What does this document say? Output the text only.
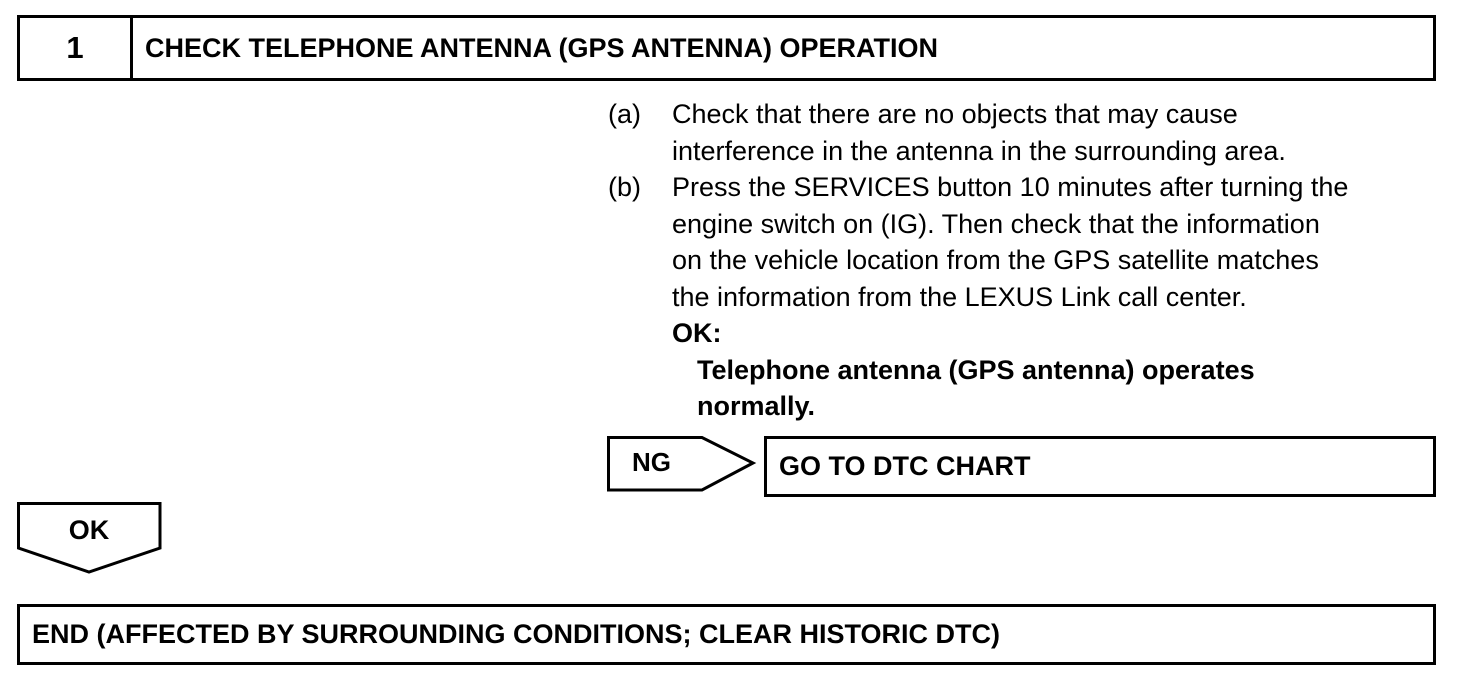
1	CHECK TELEPHONE ANTENNA (GPS ANTENNA) OPERATION
(a)	Check that there are no objects that may cause
interference in the antenna in the surrounding area.
(b)	Press the SERVICES button 10 minutes after turning the
engine switch on (IG). Then check that the information
on the vehicle location from the GPS satellite matches
the information from the LEXUS Link call center.
OK:
Telephone antenna (GPS antenna) operates
normally.
NG	GO TO DTC CHART
OK
END (AFFECTED BY SURROUNDING CONDITIONS; CLEAR HISTORIC DTC)
